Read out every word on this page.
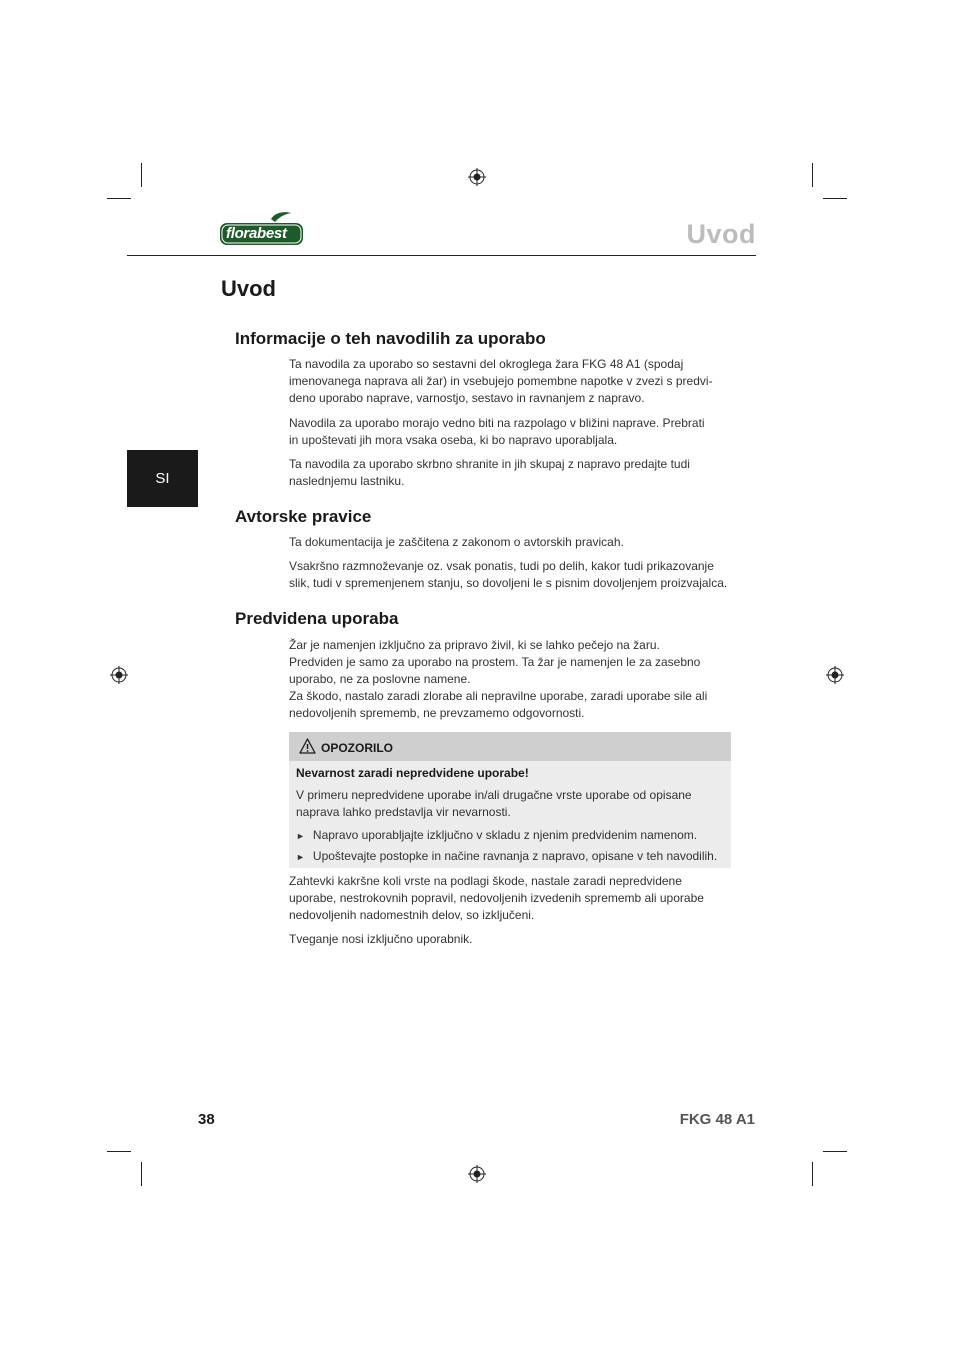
florabest	Uvod
SI
Uvod
Informacije o teh navodilih za uporabo
Ta navodila za uporabo so sestavni del okroglega žara FKG 48 A1 (spodaj
imenovanega naprava ali žar) in vsebujejo pomembne napotke v zvezi s predvi-
deno uporabo naprave, varnostjo, sestavo in ravnanjem z napravo.
Navodila za uporabo morajo vedno biti na razpolago v bližini naprave. Prebrati
in upoštevati jih mora vsaka oseba, ki bo napravo uporabljala.
Ta navodila za uporabo skrbno shranite in jih skupaj z napravo predajte tudi
naslednjemu lastniku.
Avtorske pravice
Ta dokumentacija je zaščitena z zakonom o avtorskih pravicah.
Vsakršno razmnoževanje oz. vsak ponatis, tudi po delih, kakor tudi prikazovanje
slik, tudi v spremenjenem stanju, so dovoljeni le s pisnim dovoljenjem proizvajalca.
Predvidena uporaba
Žar je namenjen izključno za pripravo živil, ki se lahko pečejo na žaru.
Predviden je samo za uporabo na prostem. Ta žar je namenjen le za zasebno
uporabo, ne za poslovne namene.
Za škodo, nastalo zaradi zlorabe ali nepravilne uporabe, zaradi uporabe sile ali
nedovoljenih sprememb, ne prevzamemo odgovornosti.
OPOZORILO
Nevarnost zaradi nepredvidene uporabe!
V primeru nepredvidene uporabe in/ali drugačne vrste uporabe od opisane
naprava lahko predstavlja vir nevarnosti.
► Napravo uporabljajte izključno v skladu z njenim predvidenim namenom.
► Upoštevajte postopke in načine ravnanja z napravo, opisane v teh navodilih.
Zahtevki kakršne koli vrste na podlagi škode, nastale zaradi nepredvidene
uporabe, nestrokovnih popravil, nedovoljenih izvedenih sprememb ali uporabe
nedovoljenih nadomestnih delov, so izključeni.
Tveganje nosi izključno uporabnik.
38	FKG 48 A1
